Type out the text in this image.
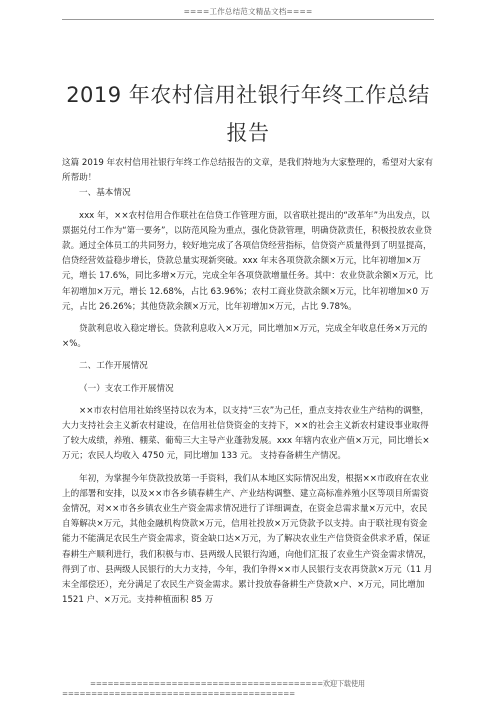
====工作总结范文精品文档====
2019 年农村信用社银行年终工作总结报告

这篇 2019 年农村信用社银行年终工作总结报告的文章，是我们特地为大家整理的，希望对大家有所帮助！

一、基本情况

xxx 年，××农村信用合作联社在信贷工作管理方面，以省联社提出的“改革年”为出发点，以票据兑付工作为“第一要务”，以防范风险为重点，强化贷款管理，明确贷款责任，积极投放农业贷款。通过全体员工的共同努力，较好地完成了各项信贷经营指标，信贷资产质量得到了明显提高，信贷经营效益稳步增长，贷款总量实现新突破。xxx 年末各项贷款余额×万元，比年初增加×万元，增长 17.6%，同比多增×万元，完成全年各项贷款增量任务。其中：农业贷款余额×万元，比年初增加×万元，增长 12.68%，占比 63.96%；农村工商业贷款余额×万元，比年初增加×0 万元，占比 26.26%；其他贷款余额×万元，比年初增加×万元，占比 9.78%。

贷款利息收入稳定增长。贷款利息收入×万元，同比增加×万元，完成全年收息任务×万元的×%。

二、工作开展情况

（一）支农工作开展情况

××市农村信用社始终坚持以农为本，以支持“三农”为己任，重点支持农业生产结构的调整，大力支持社会主义新农村建设，在信用社信贷资金的支持下，××的社会主义新农村建设事业取得了较大成绩，养殖、棚菜、葡萄三大主导产业蓬勃发展。xxx 年辖内农业产值×万元，同比增长×万元；农民人均收入 4750 元，同比增加 133 元。 支持春备耕生产情况。

年初，为掌握今年贷款投放第一手资料，我们从本地区实际情况出发，根据××市政府在农业上的部署和安排，以及××市各乡镇春耕生产、产业结构调整、建立高标准养殖小区等项目所需资金情况，对××市各乡镇农业生产资金需求情况进行了详细调查，在资金总需求量×万元中，农民自筹解决×万元，其他金融机构贷款×万元，信用社投放×万元贷款予以支持。由于联社现有资金能力不能满足农民生产资金需求，资金缺口达×万元，为了解决农业生产信贷资金供求矛盾，保证春耕生产顺利进行，我们积极与市、县两级人民银行沟通，向他们汇报了农业生产资金需求情况，得到了市、县两级人民银行的大力支持，今年，我们争得××市人民银行支农再贷款×万元（11 月末全部偿还），充分满足了农民生产资金需求。累计投放春备耕生产贷款×户、×万元，同比增加 1521 户、×万元。支持种植面积 85 万

========================================欢迎下载使用
========================================
